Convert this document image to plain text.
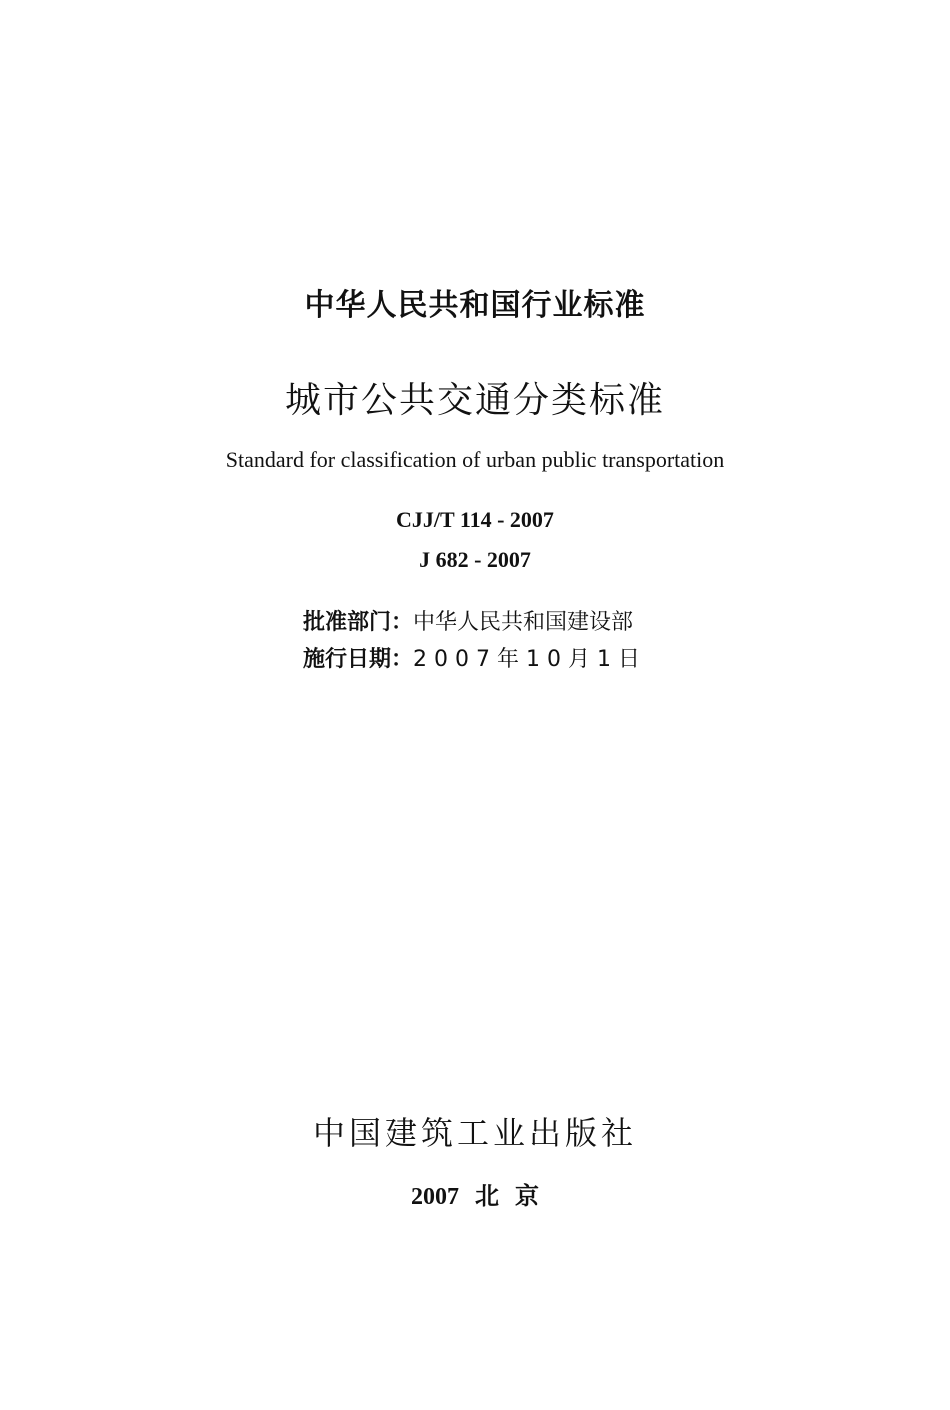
中华人民共和国行业标准
城市公共交通分类标准
Standard for classification of urban public transportation
CJJ/T 114 - 2007
J 682 - 2007
批准部门：中华人民共和国建设部
施行日期：2007年10月1日
中国建筑工业出版社
2007 北 京
